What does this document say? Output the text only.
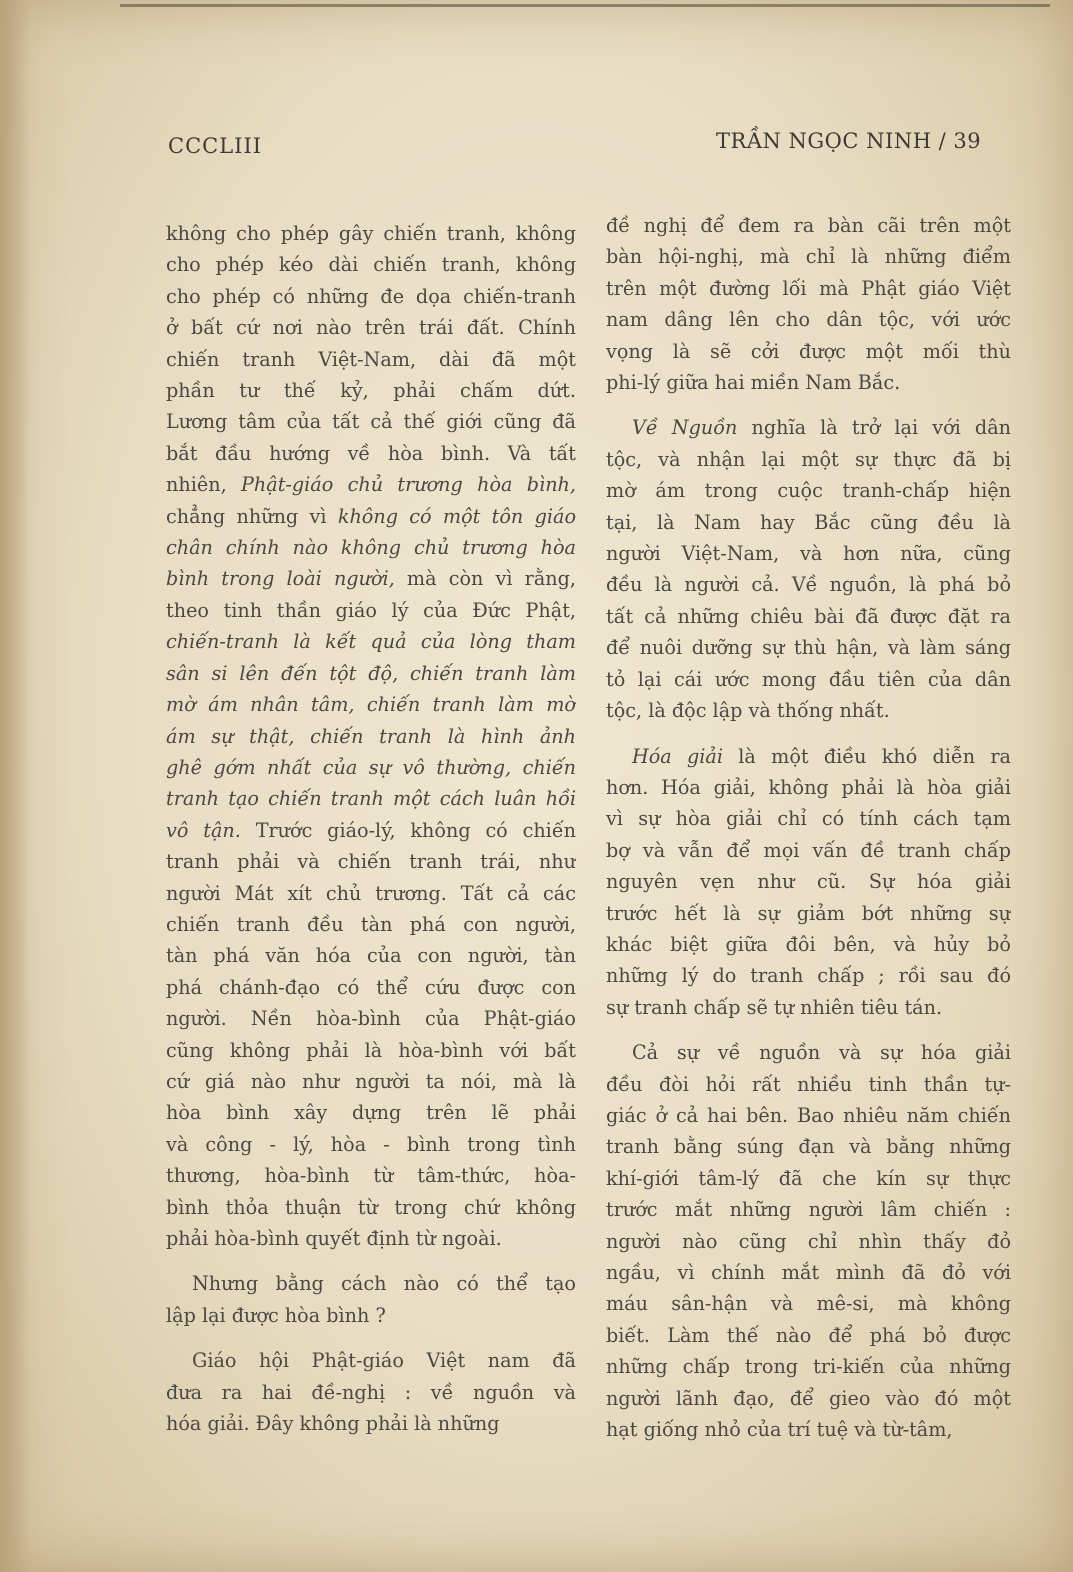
CCCLIII	TRẦN NGỌC NINH / 39

không cho phép gây chiến tranh, không
cho phép kéo dài chiến tranh, không
cho phép có những đe dọa chiến-tranh
ở bất cứ nơi nào trên trái đất. Chính
chiến tranh Việt-Nam, dài đã một
phần tư thế kỷ, phải chấm dứt.
Lương tâm của tất cả thế giới cũng đã
bắt đầu hướng về hòa bình. Và tất
nhiên, Phật-giáo chủ trương hòa bình,
chẳng những vì không có một tôn giáo
chân chính nào không chủ trương hòa
bình trong loài người, mà còn vì rằng,
theo tinh thần giáo lý của Đức Phật,
chiến-tranh là kết quả của lòng tham
sân si lên đến tột độ, chiến tranh làm
mờ ám nhân tâm, chiến tranh làm mờ
ám sự thật, chiến tranh là hình ảnh
ghê gớm nhất của sự vô thường, chiến
tranh tạo chiến tranh một cách luân hồi
vô tận. Trước giáo-lý, không có chiến
tranh phải và chiến tranh trái, như
người Mát xít chủ trương. Tất cả các
chiến tranh đều tàn phá con người,
tàn phá văn hóa của con người, tàn
phá chánh-đạo có thể cứu được con
người. Nền hòa-bình của Phật-giáo
cũng không phải là hòa-bình với bất
cứ giá nào như người ta nói, mà là
hòa bình xây dựng trên lẽ phải
và công - lý, hòa - bình trong tình
thương, hòa-bình từ tâm-thức, hòa-
bình thỏa thuận từ trong chứ không
phải hòa-bình quyết định từ ngoài.

Nhưng bằng cách nào có thể tạo
lập lại được hòa bình ?

Giáo hội Phật-giáo Việt nam đã
đưa ra hai đề-nghị : về nguồn và
hóa giải. Đây không phải là những

đề nghị để đem ra bàn cãi trên một
bàn hội-nghị, mà chỉ là những điểm
trên một đường lối mà Phật giáo Việt
nam dâng lên cho dân tộc, với ước
vọng là sẽ cởi được một mối thù
phi-lý giữa hai miền Nam Bắc.

Về Nguồn nghĩa là trở lại với dân
tộc, và nhận lại một sự thực đã bị
mờ ám trong cuộc tranh-chấp hiện
tại, là Nam hay Bắc cũng đều là
người Việt-Nam, và hơn nữa, cũng
đều là người cả. Về nguồn, là phá bỏ
tất cả những chiêu bài đã được đặt ra
để nuôi dưỡng sự thù hận, và làm sáng
tỏ lại cái ước mong đầu tiên của dân
tộc, là độc lập và thống nhất.

Hóa giải là một điều khó diễn ra
hơn. Hóa giải, không phải là hòa giải
vì sự hòa giải chỉ có tính cách tạm
bợ và vẫn để mọi vấn đề tranh chấp
nguyên vẹn như cũ. Sự hóa giải
trước hết là sự giảm bớt những sự
khác biệt giữa đôi bên, và hủy bỏ
những lý do tranh chấp ; rồi sau đó
sự tranh chấp sẽ tự nhiên tiêu tán.

Cả sự về nguồn và sự hóa giải
đều đòi hỏi rất nhiều tinh thần tự-
giác ở cả hai bên. Bao nhiêu năm chiến
tranh bằng súng đạn và bằng những
khí-giới tâm-lý đã che kín sự thực
trước mắt những người lâm chiến :
người nào cũng chỉ nhìn thấy đỏ
ngầu, vì chính mắt mình đã đỏ với
máu sân-hận và mê-si, mà không
biết. Làm thế nào để phá bỏ được
những chấp trong tri-kiến của những
người lãnh đạo, để gieo vào đó một
hạt giống nhỏ của trí tuệ và từ-tâm,
